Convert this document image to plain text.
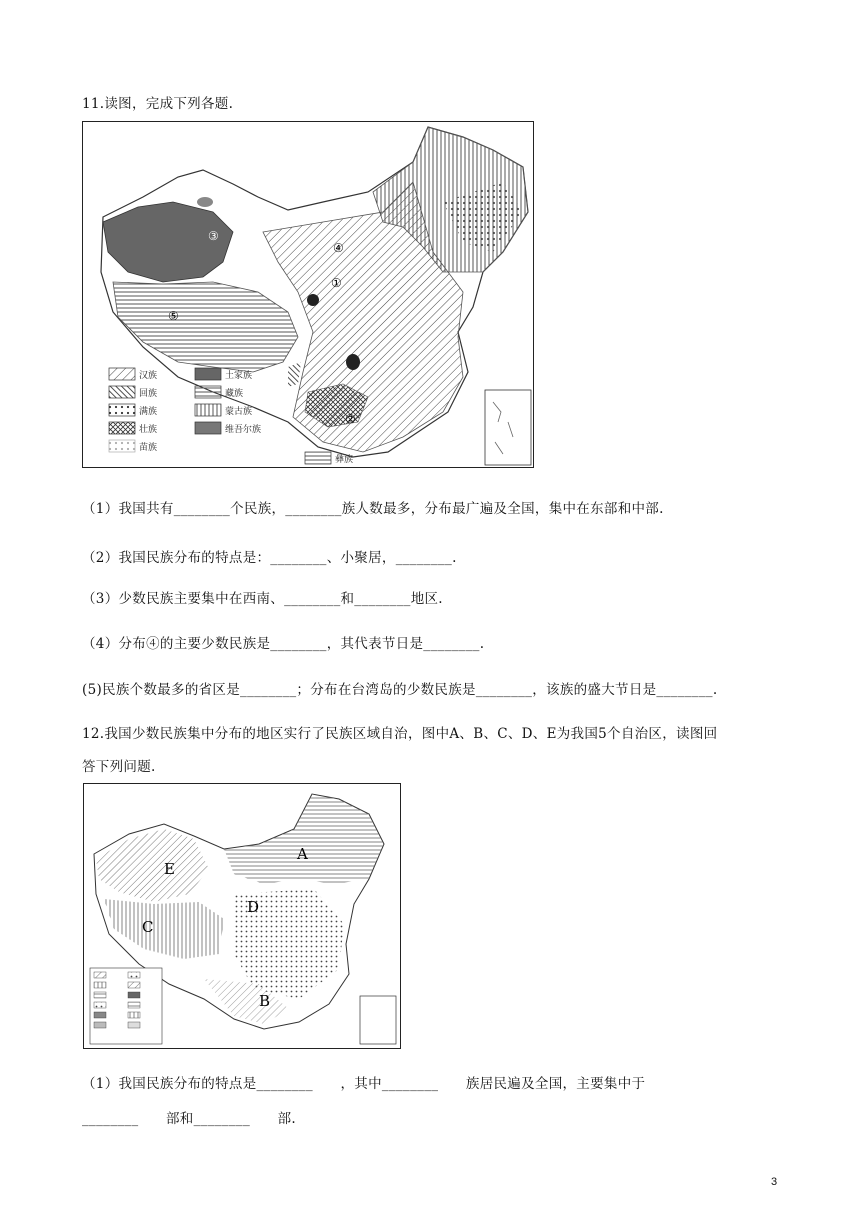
11.读图，完成下列各题.
①
②
③
④
⑤
汉族
回族
满族
壮族
苗族
土家族
藏族
蒙古族
维吾尔族
彝族
（1）我国共有________个民族，________族人数最多，分布最广遍及全国，集中在东部和中部.
（2）我国民族分布的特点是：________、小聚居，________.
（3）少数民族主要集中在西南、________和________地区.
（4）分布④的主要少数民族是________，其代表节日是________.
(5)民族个数最多的省区是________；分布在台湾岛的少数民族是________，该族的盛大节日是________.
12.我国少数民族集中分布的地区实行了民族区域自治，图中A、B、C、D、E为我国5个自治区，读图回
答下列问题.
A
B
C
D
E
（1）我国民族分布的特点是________　　，其中________　　族居民遍及全国，主要集中于
________　　部和________　　部.
3
